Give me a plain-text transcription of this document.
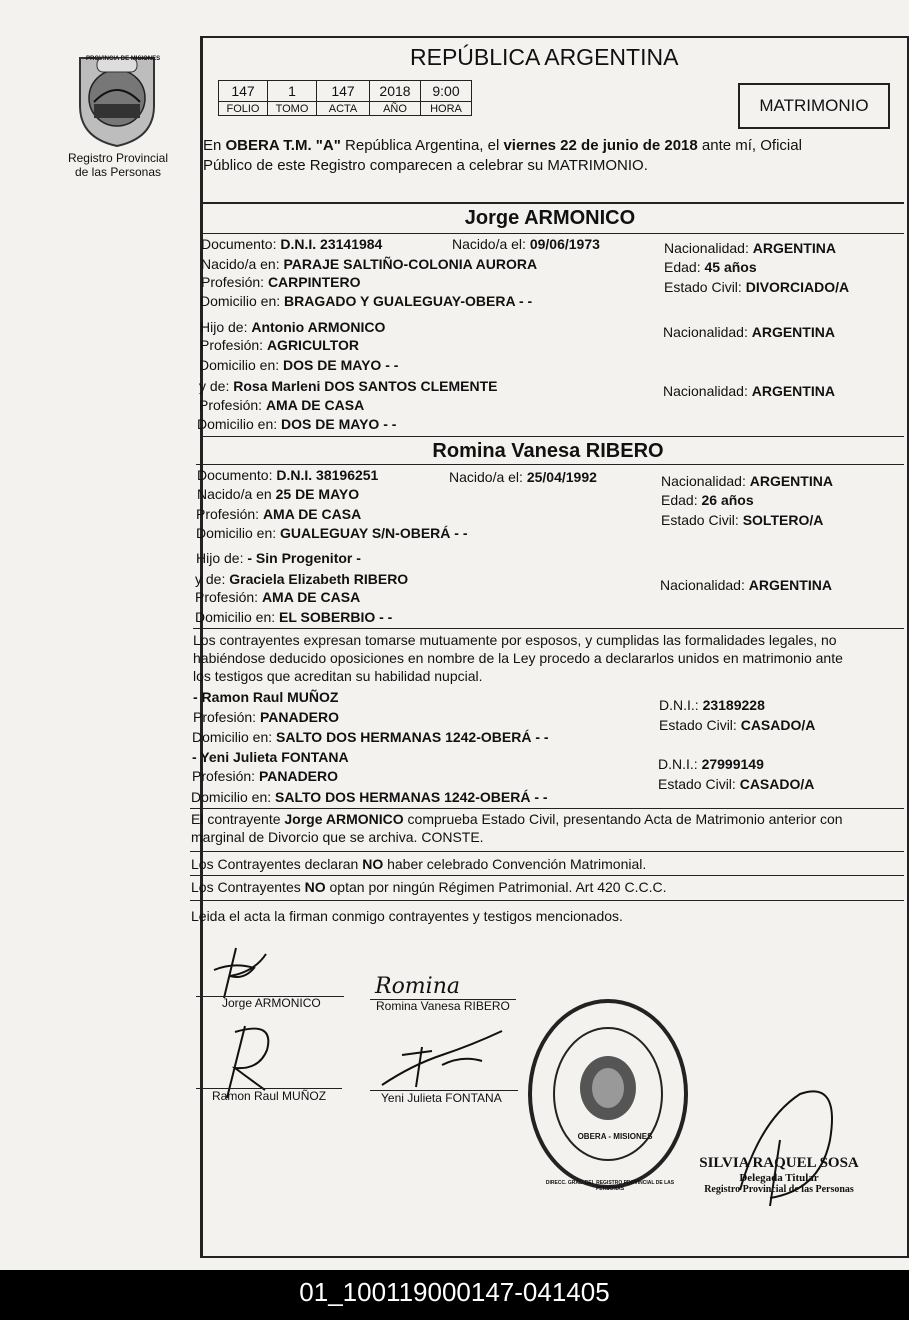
PROVINCIA DE MISIONES
Registro Provincial
de las Personas
REPÚBLICA ARGENTINA
147	1	147	2018	9:00
FOLIO	TOMO	ACTA	AÑO	HORA	MATRIMONIO
En OBERA T.M. "A" República Argentina, el viernes 22 de junio de 2018 ante mí, Oficial
Público de este Registro comparecen a celebrar su MATRIMONIO.
Jorge ARMONICO
Documento: D.N.I. 23141984	Nacido/a el: 09/06/1973	Nacionalidad: ARGENTINA
Nacido/a en: PARAJE SALTIÑO-COLONIA AURORA	Edad: 45 años
Profesión: CARPINTERO	Estado Civil: DIVORCIADO/A
Domicilio en: BRAGADO Y GUALEGUAY-OBERA - -
Hijo de: Antonio ARMONICO	Nacionalidad: ARGENTINA
Profesión: AGRICULTOR
Domicilio en: DOS DE MAYO - -
y de: Rosa Marleni DOS SANTOS CLEMENTE	Nacionalidad: ARGENTINA
Profesión: AMA DE CASA
Domicilio en: DOS DE MAYO - -
Romina Vanesa RIBERO
Documento: D.N.I. 38196251	Nacido/a el: 25/04/1992	Nacionalidad: ARGENTINA
Nacido/a en 25 DE MAYO	Edad: 26 años
Profesión: AMA DE CASA	Estado Civil: SOLTERO/A
Domicilio en: GUALEGUAY S/N-OBERÁ - -
Hijo de: - Sin Progenitor -
y de: Graciela Elizabeth RIBERO	Nacionalidad: ARGENTINA
Profesión: AMA DE CASA
Domicilio en: EL SOBERBIO - -
Los contrayentes expresan tomarse mutuamente por esposos, y cumplidas las formalidades legales, no
habiéndose deducido oposiciones en nombre de la Ley procedo a declararlos unidos en matrimonio ante
los testigos que acreditan su habilidad nupcial.
- Ramon Raul MUÑOZ	D.N.I.: 23189228
Profesión: PANADERO	Estado Civil: CASADO/A
Domicilio en: SALTO DOS HERMANAS 1242-OBERÁ - -
- Yeni Julieta FONTANA	D.N.I.: 27999149
Profesión: PANADERO	Estado Civil: CASADO/A
Domicilio en: SALTO DOS HERMANAS 1242-OBERÁ - -
El contrayente Jorge ARMONICO comprueba Estado Civil, presentando Acta de Matrimonio anterior con
marginal de Divorcio que se archiva. CONSTE.
Los Contrayentes declaran NO haber celebrado Convención Matrimonial.
Los Contrayentes NO optan por ningún Régimen Patrimonial. Art 420 C.C.C.
Leida el acta la firman conmigo contrayentes y testigos mencionados.
Jorge ARMONICO
Romina
Romina Vanesa RIBERO
Ramon Raul MUÑOZ	Yeni Julieta FONTANA
DIRECC. GRAL. DEL REGISTRO PROVINCIAL DE LAS PERSONAS
OBERA - MISIONES
SILVIA RAQUEL SOSA
Delegada Titular
Registro Provincial de las Personas
01_100119000147-041405
